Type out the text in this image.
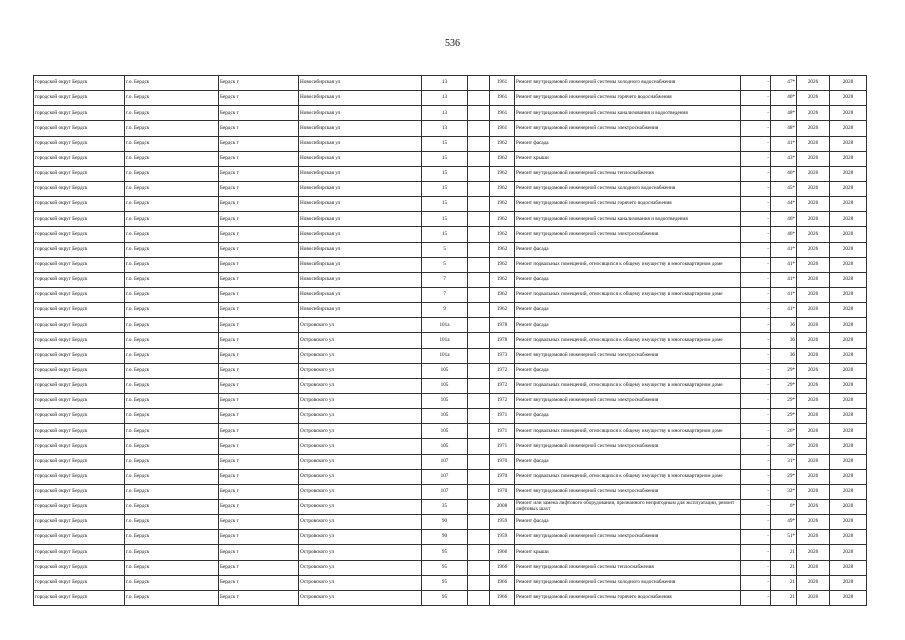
536
городской округ Бердск	г.о. Бердск	Бердск г	Новосибирская ул	13		1961	Ремонт внутридомовой инженерной системы холодного водоснабжения	-	47*	2026	2028
городской округ Бердск	г.о. Бердск	Бердск г	Новосибирская ул	13		1961	Ремонт внутридомовой инженерной системы горячего водоснабжения	-	46*	2026	2028
городской округ Бердск	г.о. Бердск	Бердск г	Новосибирская ул	13		1961	Ремонт внутридомовой инженерной системы канализования и водоотведения	-	48*	2026	2028
городской округ Бердск	г.о. Бердск	Бердск г	Новосибирская ул	13		1961	Ремонт внутридомовой инженерной системы электроснабжения	-	48*	2026	2028
городской округ Бердск	г.о. Бердск	Бердск г	Новосибирская ул	15		1962	Ремонт фасада	-	41*	2026	2028
городской округ Бердск	г.о. Бердск	Бердск г	Новосибирская ул	15		1962	Ремонт крыши	-	43*	2026	2028
городской округ Бердск	г.о. Бердск	Бердск г	Новосибирская ул	15		1962	Ремонт внутридомовой инженерной системы теплоснабжения	-	46*	2026	2028
городской округ Бердск	г.о. Бердск	Бердск г	Новосибирская ул	15		1962	Ремонт внутридомовой инженерной системы холодного водоснабжения	-	45*	2026	2028
городской округ Бердск	г.о. Бердск	Бердск г	Новосибирская ул	15		1962	Ремонт внутридомовой инженерной системы горячего водоснабжения	-	44*	2026	2028
городской округ Бердск	г.о. Бердск	Бердск г	Новосибирская ул	15		1962	Ремонт внутридомовой инженерной системы канализования и водоотведения	-	46*	2026	2028
городской округ Бердск	г.о. Бердск	Бердск г	Новосибирская ул	15		1962	Ремонт внутридомовой инженерной системы электроснабжения	-	46*	2026	2028
городской округ Бердск	г.о. Бердск	Бердск г	Новосибирская ул	5		1962	Ремонт фасада	-	41*	2026	2028
городской округ Бердск	г.о. Бердск	Бердск г	Новосибирская ул	5		1962	Ремонт подвальных помещений, относящихся к общему имуществу в многоквартирном доме	-	41*	2026	2028
городской округ Бердск	г.о. Бердск	Бердск г	Новосибирская ул	7		1962	Ремонт фасада	-	41*	2026	2028
городской округ Бердск	г.о. Бердск	Бердск г	Новосибирская ул	7		1962	Ремонт подвальных помещений, относящихся к общему имуществу в многоквартирном доме	-	41*	2026	2028
городской округ Бердск	г.о. Бердск	Бердск г	Новосибирская ул	9		1962	Ремонт фасада	-	41*	2026	2028
городской округ Бердск	г.о. Бердск	Бердск г	Островского ул	101а		1978	Ремонт фасада	-	36	2026	2028
городской округ Бердск	г.о. Бердск	Бердск г	Островского ул	101а		1978	Ремонт подвальных помещений, относящихся к общему имуществу в многоквартирном доме	-	36	2026	2028
городской округ Бердск	г.о. Бердск	Бердск г	Островского ул	101а		1973	Ремонт внутридомовой инженерной системы электроснабжения	-	36	2026	2028
городской округ Бердск	г.о. Бердск	Бердск г	Островского ул	105		1972	Ремонт фасада	-	29*	2026	2028
городской округ Бердск	г.о. Бердск	Бердск г	Островского ул	105		1972	Ремонт подвальных помещений, относящихся к общему имуществу в многоквартирном доме	-	29*	2026	2028
городской округ Бердск	г.о. Бердск	Бердск г	Островского ул	105		1972	Ремонт внутридомовой инженерной системы электроснабжения	-	29*	2026	2028
городской округ Бердск	г.о. Бердск	Бердск г	Островского ул	105		1971	Ремонт фасада	-	29*	2026	2028
городской округ Бердск	г.о. Бердск	Бердск г	Островского ул	105		1971	Ремонт подвальных помещений, относящихся к общему имуществу в многоквартирном доме	-	26*	2026	2028
городской округ Бердск	г.о. Бердск	Бердск г	Островского ул	105		1971	Ремонт внутридомовой инженерной системы электроснабжения	-	30*	2026	2028
городской округ Бердск	г.о. Бердск	Бердск г	Островского ул	107		1970	Ремонт фасада	-	31*	2026	2028
городской округ Бердск	г.о. Бердск	Бердск г	Островского ул	107		1970	Ремонт подвальных помещений, относящихся к общему имуществу в многоквартирном доме	-	29*	2026	2028
городской округ Бердск	г.о. Бердск	Бердск г	Островского ул	107		1970	Ремонт внутридомовой инженерной системы электроснабжения	-	32*	2026	2028
городской округ Бердск	г.о. Бердск	Бердск г	Островского ул	35		2008	Ремонт или замена лифтового оборудования, признанного непригодным для эксплуатации, ремонт лифтовых шахт	-	6*	2026	2028
городской округ Бердск	г.о. Бердск	Бердск г	Островского ул	90		1959	Ремонт фасада	-	49*	2026	2028
городской округ Бердск	г.о. Бердск	Бердск г	Островского ул	90		1959	Ремонт внутридомовой инженерной системы электроснабжения	-	51*	2026	2028
городской округ Бердск	г.о. Бердск	Бердск г	Островского ул	95		1966	Ремонт крыши	-	21	2026	2028
городской округ Бердск	г.о. Бердск	Бердск г	Островского ул	95		1966	Ремонт внутридомовой инженерной системы теплоснабжения	-	21	2026	2028
городской округ Бердск	г.о. Бердск	Бердск г	Островского ул	95		1966	Ремонт внутридомовой инженерной системы холодного водоснабжения	-	21	2026	2028
городской округ Бердск	г.о. Бердск	Бердск г	Островского ул	95		1966	Ремонт внутридомовой инженерной системы горячего водоснабжения	-	21	2026	2028
